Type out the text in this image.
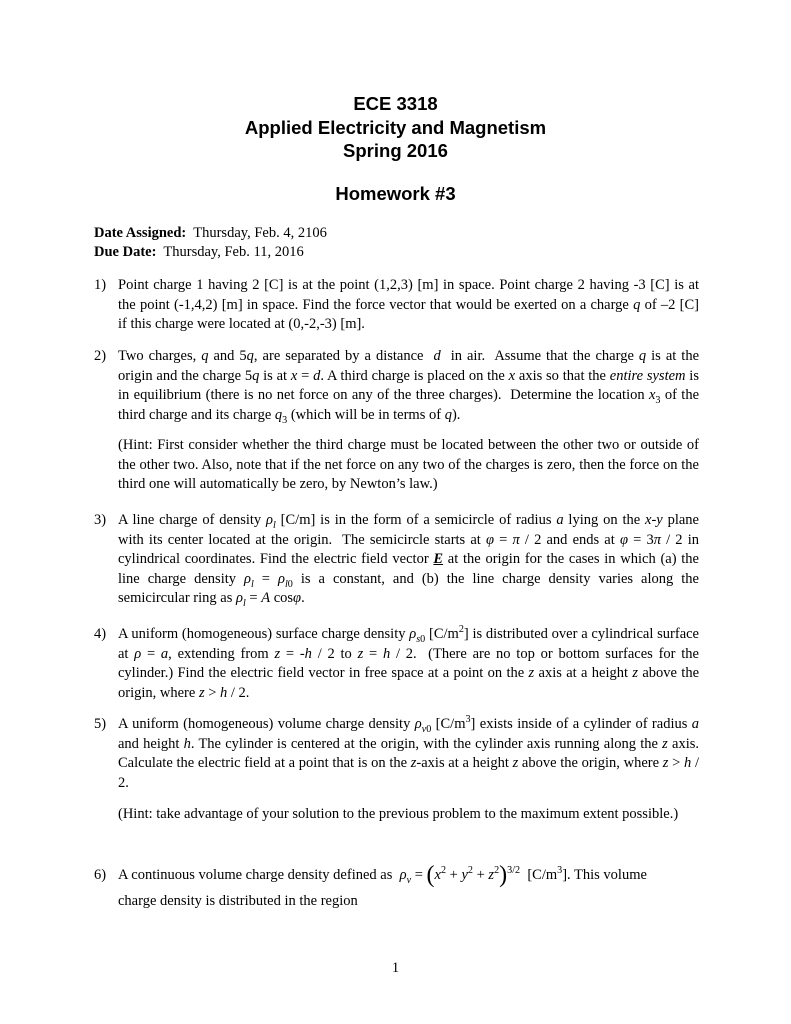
ECE 3318
Applied Electricity and Magnetism
Spring 2016
Homework #3
Date Assigned: Thursday, Feb. 4, 2106
Due Date: Thursday, Feb. 11, 2016
1) Point charge 1 having 2 [C] is at the point (1,2,3) [m] in space. Point charge 2 having -3 [C] is at the point (-1,4,2) [m] in space. Find the force vector that would be exerted on a charge q of –2 [C] if this charge were located at (0,-2,-3) [m].
2) Two charges, q and 5q, are separated by a distance  d  in air.  Assume that the charge q is at the origin and the charge 5q is at x = d. A third charge is placed on the x axis so that the entire system is in equilibrium (there is no net force on any of the three charges).  Determine the location $x_3$ of the third charge and its charge $q_3$ (which will be in terms of q).
(Hint: First consider whether the third charge must be located between the other two or outside of the other two. Also, note that if the net force on any two of the charges is zero, then the force on the third one will automatically be zero, by Newton’s law.)
3) A line charge of density $\rho_l$ [C/m] is in the form of a semicircle of radius a lying on the x-y plane with its center located at the origin.  The semicircle starts at φ = π / 2 and ends at φ = 3π / 2 in cylindrical coordinates. Find the electric field vector E at the origin for the cases in which (a) the line charge density $\rho_l = \rho_{l0}$ is a constant, and (b) the line charge density varies along the semicircular ring as $\rho_l = A$ cosφ.
4) A uniform (homogeneous) surface charge density $\rho_{s0}$ $[C/m^2]$ is distributed over a cylindrical surface at ρ = a, extending from z = -h / 2 to z = h / 2.  (There are no top or bottom surfaces for the cylinder.) Find the electric field vector in free space at a point on the z axis at a height z above the origin, where z > h / 2.
5) A uniform (homogeneous) volume charge density $\rho_{v0}$ $[C/m^3]$ exists inside of a cylinder of radius a and height h. The cylinder is centered at the origin, with the cylinder axis running along the z axis. Calculate the electric field at a point that is on the z-axis at a height z above the origin, where z > h / 2.
(Hint: take advantage of your solution to the previous problem to the maximum extent possible.)
6) A continuous volume charge density defined as  $\rho_v = (x^2 + y^2 + z^2)^{3/2}$  $[C/m^3]$. This volume
charge density is distributed in the region
1
